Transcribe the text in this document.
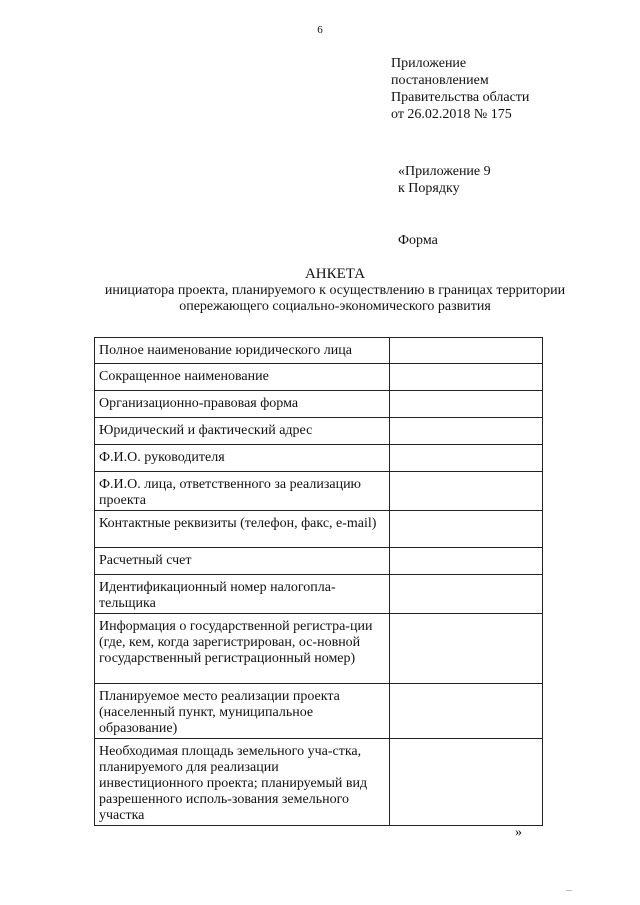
6
Приложение
постановлением
Правительства области
от 26.02.2018 № 175
«Приложение 9
к Порядку
Форма
АНКЕТА
инициатора проекта, планируемого к осуществлению в границах территории
опережающего социально-экономического развития
Полное наименование юридического лица	
Сокращенное наименование	
Организационно-правовая форма	
Юридический и фактический адрес	
Ф.И.О. руководителя	
Ф.И.О. лица, ответственного за реализацию проекта	
Контактные реквизиты (телефон, факс, e-mail)	
Расчетный счет	
Идентификационный номер налогопла-тельщика	
Информация о государственной регистра-ции (где, кем, когда зарегистрирован, ос-новной государственный регистрационный номер)	
Планируемое место реализации проекта (населенный пункт, муниципальное образование)	
Необходимая площадь земельного уча-стка, планируемого для реализации инвестиционного проекта; планируемый вид разрешенного исполь-зования земельного участка	
»
...
